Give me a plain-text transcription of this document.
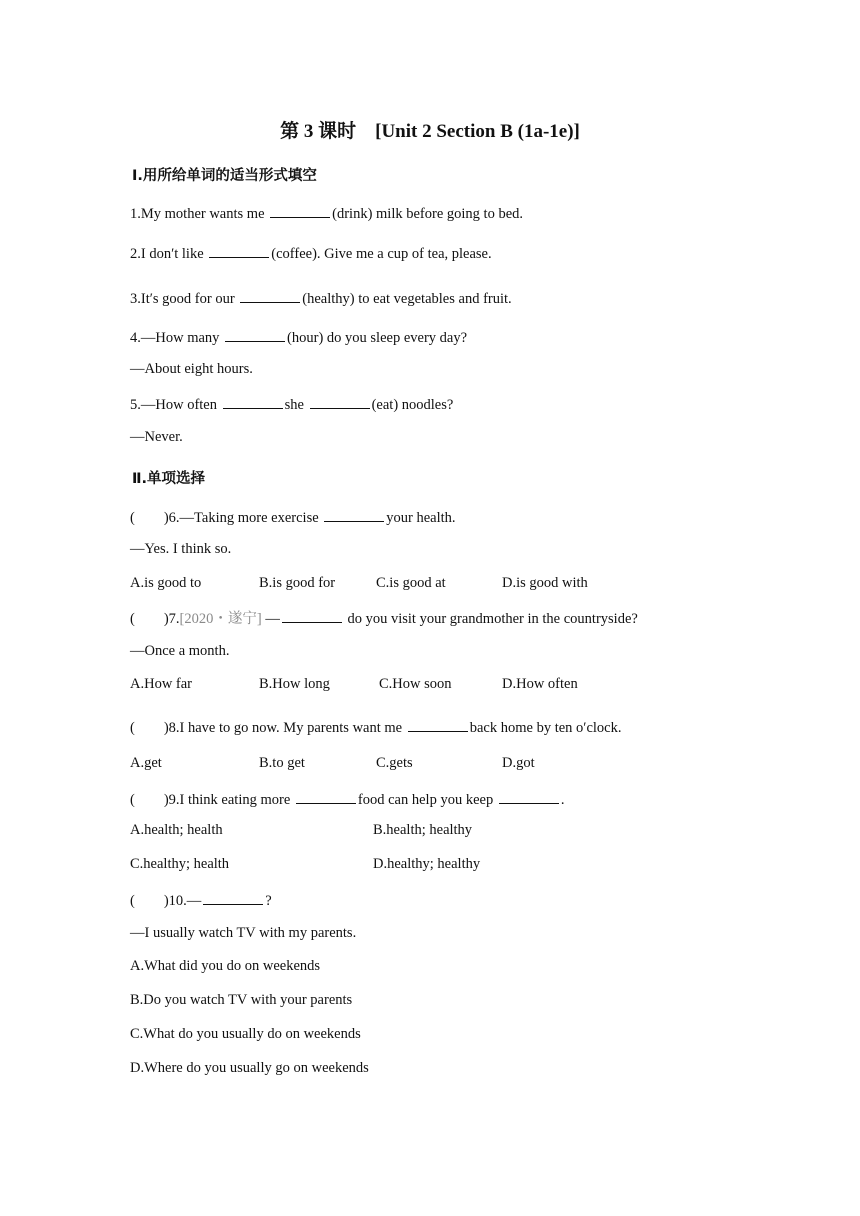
第 3 课时    [Unit 2 Section B (1a-1e)]
Ⅰ.用所给单词的适当形式填空
1.My mother wants me	(drink) milk before going to bed.
2.I don′t like	(coffee). Give me a cup of tea, please.
3.It′s good for our	(healthy) to eat vegetables and fruit.
4.—How many	(hour) do you sleep every day?
—About eight hours.
5.—How often	she	(eat) noodles?
—Never.
Ⅱ.单项选择
(        )6.—Taking more exercise	your health.
—Yes. I think so.
A.is good to	B.is good for	C.is good at	D.is good with
(        )7.[2020・遂宁] —	do you visit your grandmother in the countryside?
—Once a month.
A.How far	B.How long	C.How soon	D.How often
(        )8.I have to go now. My parents want me	back home by ten o′clock.
A.get	B.to get	C.gets	D.got
(        )9.I think eating more	food can help you keep	.
A.health; health	B.health; healthy
C.healthy; health	D.healthy; healthy
(        )10.—	?
—I usually watch TV with my parents.
A.What did you do on weekends
B.Do you watch TV with your parents
C.What do you usually do on weekends
D.Where do you usually go on weekends
